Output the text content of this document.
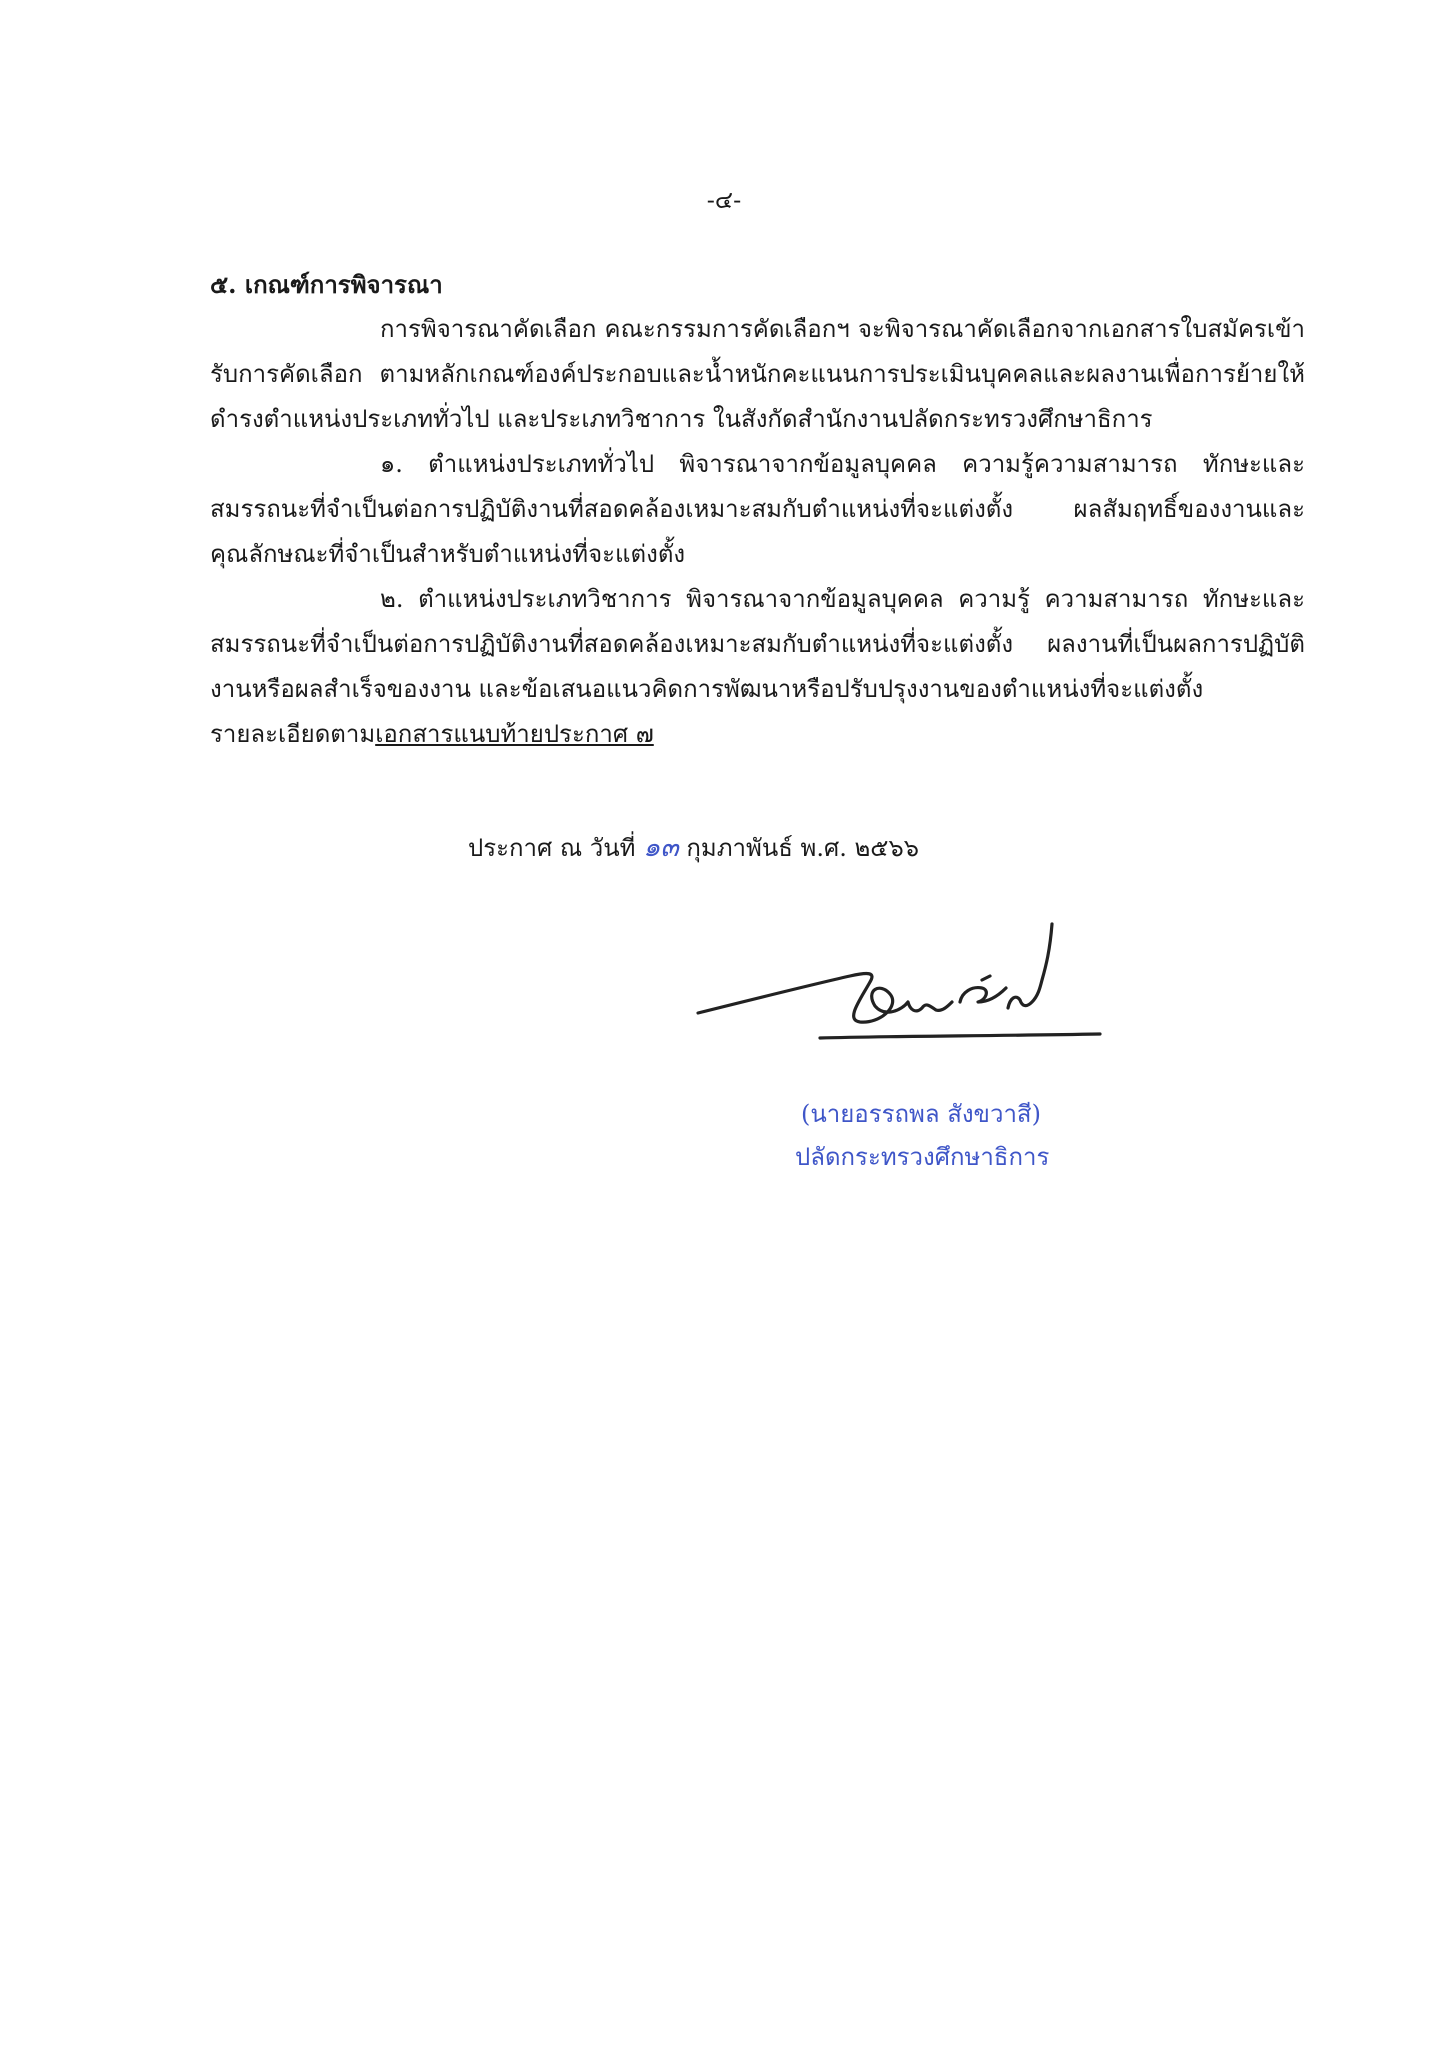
-๔-

๕. เกณฑ์การพิจารณา

การพิจารณาคัดเลือก คณะกรรมการคัดเลือกฯ จะพิจารณาคัดเลือกจากเอกสารใบสมัครเข้ารับการคัดเลือก ตามหลักเกณฑ์องค์ประกอบและน้ำหนักคะแนนการประเมินบุคคลและผลงานเพื่อการย้ายให้ดำรงตำแหน่งประเภททั่วไป และประเภทวิชาการ ในสังกัดสำนักงานปลัดกระทรวงศึกษาธิการ

๑. ตำแหน่งประเภททั่วไป พิจารณาจากข้อมูลบุคคล ความรู้ความสามารถ ทักษะและสมรรถนะที่จำเป็นต่อการปฏิบัติงานที่สอดคล้องเหมาะสมกับตำแหน่งที่จะแต่งตั้ง ผลสัมฤทธิ์ของงานและคุณลักษณะที่จำเป็นสำหรับตำแหน่งที่จะแต่งตั้ง

๒. ตำแหน่งประเภทวิชาการ พิจารณาจากข้อมูลบุคคล ความรู้ ความสามารถ ทักษะและสมรรถนะที่จำเป็นต่อการปฏิบัติงานที่สอดคล้องเหมาะสมกับตำแหน่งที่จะแต่งตั้ง ผลงานที่เป็นผลการปฏิบัติงานหรือผลสำเร็จของงาน และข้อเสนอแนวคิดการพัฒนาหรือปรับปรุงงานของตำแหน่งที่จะแต่งตั้ง

รายละเอียดตามเอกสารแนบท้ายประกาศ ๗

ประกาศ ณ วันที่ ๑๓ กุมภาพันธ์ พ.ศ. ๒๕๖๖
(นายอรรถพล สังขวาสี)
ปลัดกระทรวงศึกษาธิการ
